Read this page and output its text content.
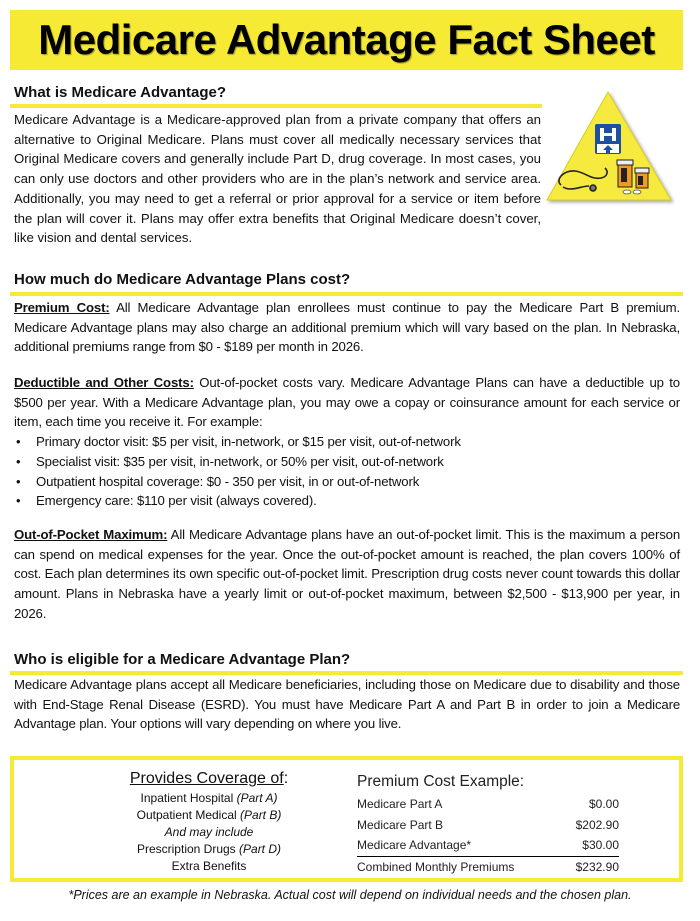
Medicare Advantage Fact Sheet
What is Medicare Advantage?

Medicare Advantage is a Medicare-approved plan from a private company that offers an alternative to Original Medicare. Plans must cover all medically necessary services that Original Medicare covers and generally include Part D, drug coverage. In most cases, you can only use doctors and other providers who are in the plan’s network and service area. Additionally, you may need to get a referral or prior approval for a service or item before the plan will cover it. Plans may offer extra benefits that Original Medicare doesn’t cover, like vision and dental services.

How much do Medicare Advantage Plans cost?

Premium Cost: All Medicare Advantage plan enrollees must continue to pay the Medicare Part B premium. Medicare Advantage plans may also charge an additional premium which will vary based on the plan. In Nebraska, additional premiums range from $0 - $189 per month in 2026.

Deductible and Other Costs: Out-of-pocket costs vary. Medicare Advantage Plans can have a deductible up to $500 per year. With a Medicare Advantage plan, you may owe a copay or coinsurance amount for each service or item, each time you receive it. For example:
• Primary doctor visit: $5 per visit, in-network, or $15 per visit, out-of-network
• Specialist visit: $35 per visit, in-network, or 50% per visit, out-of-network
• Outpatient hospital coverage: $0 - 350 per visit, in or out-of-network
• Emergency care: $110 per visit (always covered).

Out-of-Pocket Maximum: All Medicare Advantage plans have an out-of-pocket limit. This is the maximum a person can spend on medical expenses for the year. Once the out-of-pocket amount is reached, the plan covers 100% of cost. Each plan determines its own specific out-of-pocket limit. Prescription drug costs never count towards this dollar amount. Plans in Nebraska have a yearly limit or out-of-pocket maximum, between $2,500 - $13,900 per year, in 2026.

Who is eligible for a Medicare Advantage Plan?

Medicare Advantage plans accept all Medicare beneficiaries, including those on Medicare due to disability and those with End-Stage Renal Disease (ESRD). You must have Medicare Part A and Part B in order to join a Medicare Advantage plan. Your options will vary depending on where you live.

Provides Coverage of:
Inpatient Hospital (Part A)
Outpatient Medical (Part B)
And may include
Prescription Drugs (Part D)
Extra Benefits
Premium Cost Example:
Medicare Part A	$0.00
Medicare Part B	$202.90
Medicare Advantage*	$30.00
Combined Monthly Premiums	$232.90
*Prices are an example in Nebraska. Actual cost will depend on individual needs and the chosen plan.
